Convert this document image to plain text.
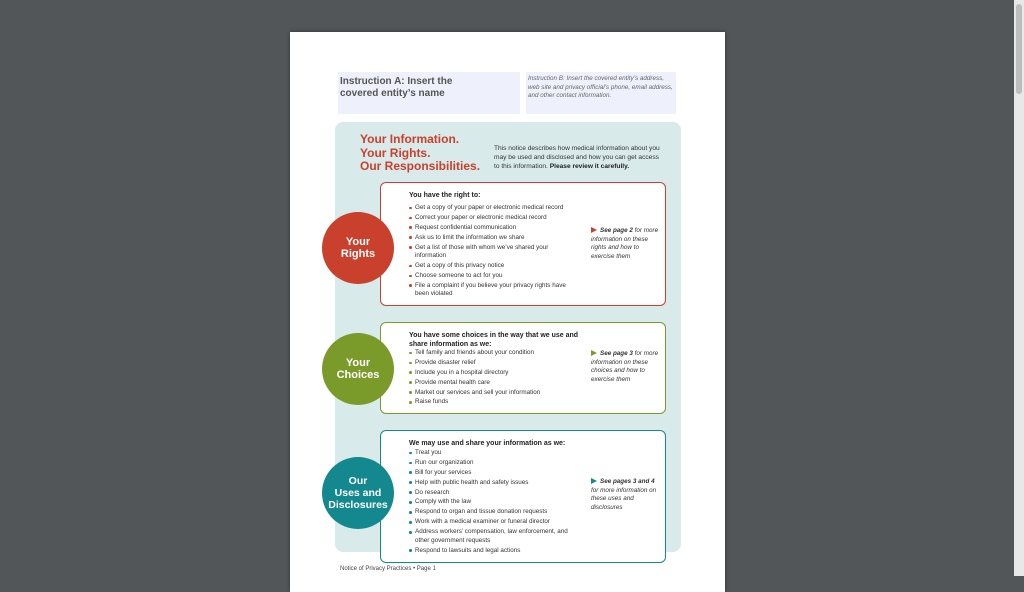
Instruction A: Insert the covered entity’s name
Instruction B: Insert the covered entity’s address, web site and privacy official’s phone, email address, and other contact information.
Your Information.
Your Rights.
Our Responsibilities.
This notice describes how medical information about you may be used and disclosed and how you can get access to this information. Please review it carefully.
You have the right to:
Get a copy of your paper or electronic medical record
Correct your paper or electronic medical record
Request confidential communication
Ask us to limit the information we share
Get a list of those with whom we’ve shared your information
Get a copy of this privacy notice
Choose someone to act for you
File a complaint if you believe your privacy rights have been violated
See page 2 for more information on these rights and how to exercise them
Your
Rights
You have some choices in the way that we use and share information as we:
Tell family and friends about your condition
Provide disaster relief
Include you in a hospital directory
Provide mental health care
Market our services and sell your information
Raise funds
See page 3 for more information on these choices and how to exercise them
Your
Choices
We may use and share your information as we:
Treat you
Run our organization
Bill for your services
Help with public health and safety issues
Do research
Comply with the law
Respond to organ and tissue donation requests
Work with a medical examiner or funeral director
Address workers’ compensation, law enforcement, and other government requests
Respond to lawsuits and legal actions
See pages 3 and 4 for more information on these uses and disclosures
Our
Uses and
Disclosures
Notice of Privacy Practices • Page 1
